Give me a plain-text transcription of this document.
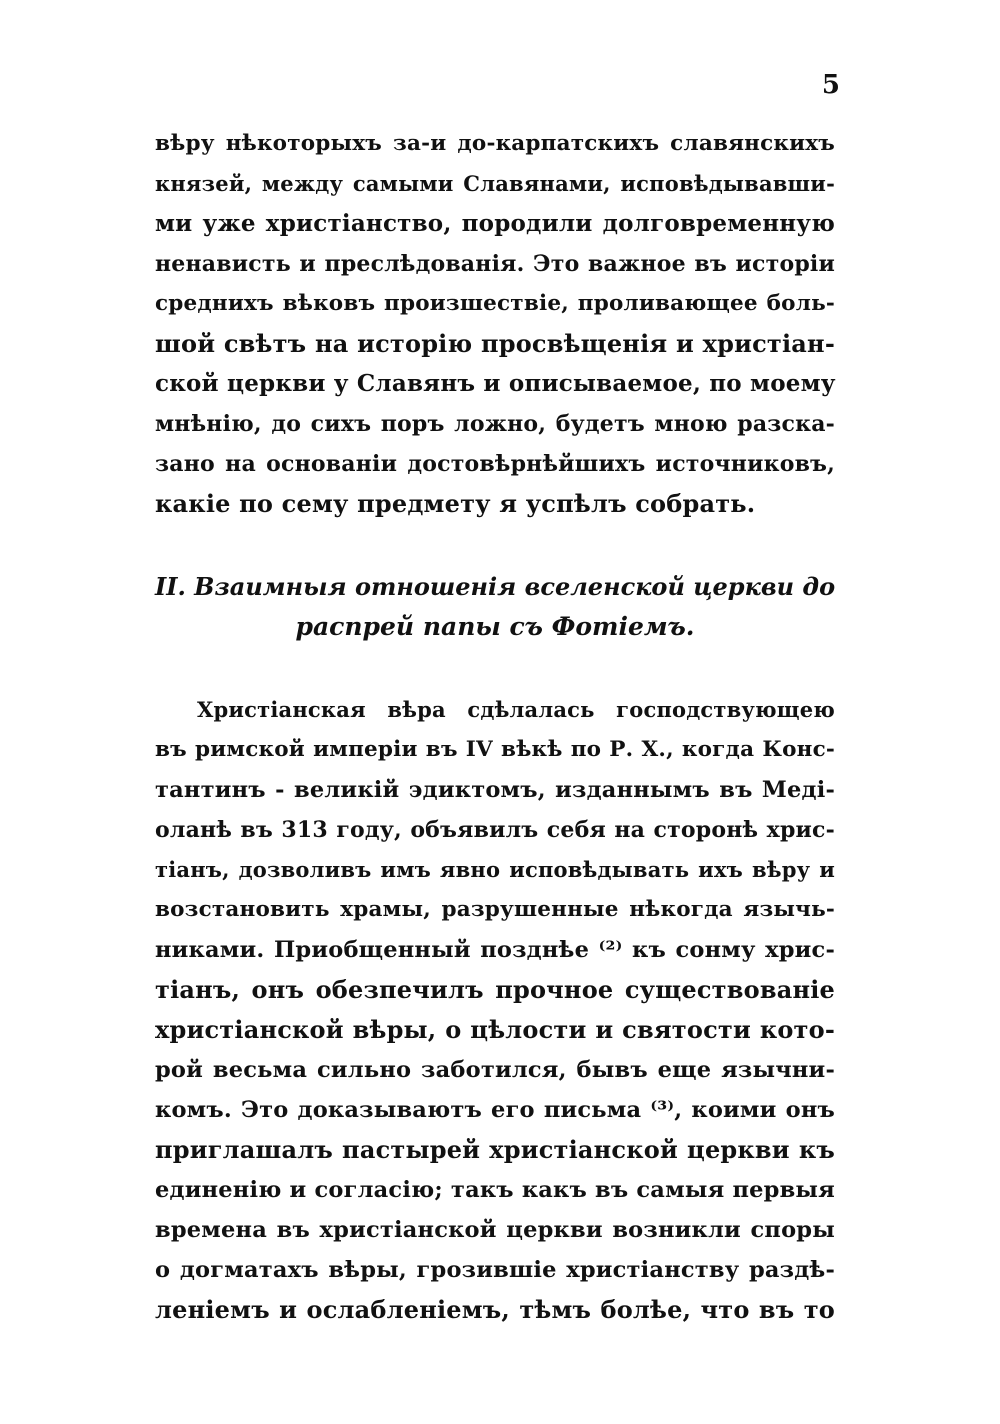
5
вѣру нѣкоторыхъ за-и до-карпатскихъ славянскихъ
князей, между самыми Славянами, исповѣдывавши-
ми уже христіанство, породили долговременную
ненависть и преслѣдованія. Это важное въ исторіи
среднихъ вѣковъ произшествіе, проливающее боль-
шой свѣтъ на исторію просвѣщенія и христіан-
ской церкви у Славянъ и описываемое, по моему
мнѣнію, до сихъ поръ ложно, будетъ мною разска-
зано на основаніи достовѣрнѣйшихъ источниковъ,
какіе по сему предмету я успѣлъ собрать.
II. Взаимныя отношенія вселенской церкви до
распрей папы съ Фотіемъ.
Христіанская вѣра сдѣлалась господствующею
въ римской имперіи въ IV вѣкѣ по Р. Х., когда Конс-
тантинъ - великій эдиктомъ, изданнымъ въ Меді-
оланѣ въ 313 году, объявилъ себя на сторонѣ хрис-
тіанъ, дозволивъ имъ явно исповѣдывать ихъ вѣру и
возстановить храмы, разрушенные нѣкогда язычь-
никами. Приобщенный позднѣе ⁽²⁾ къ сонму хрис-
тіанъ, онъ обезпечилъ прочное существованіе
христіанской вѣры, о цѣлости и святости кото-
рой весьма сильно заботился, бывъ еще язычни-
комъ. Это доказываютъ его письма ⁽³⁾, коими онъ
приглашалъ пастырей христіанской церкви къ
единенію и согласію; такъ какъ въ самыя первыя
времена въ христіанской церкви возникли споры
о догматахъ вѣры, грозившіе христіанству раздѣ-
леніемъ и ослабленіемъ, тѣмъ болѣе, что въ то
